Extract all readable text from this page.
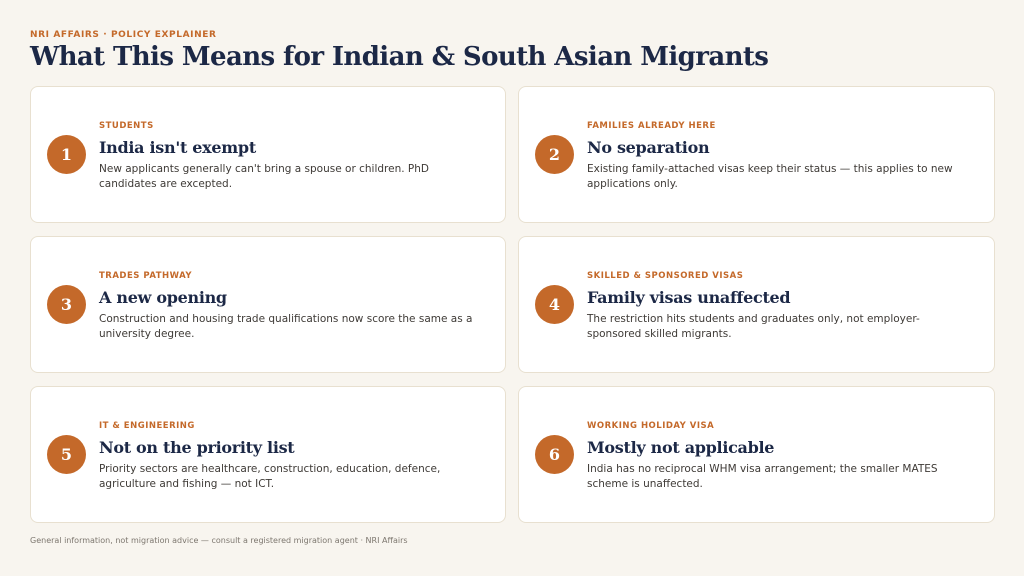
NRI AFFAIRS · POLICY EXPLAINER
What This Means for Indian & South Asian Migrants
1
STUDENTS
India isn't exempt

New applicants generally can't bring a spouse or children. PhD candidates are excepted.

2
FAMILIES ALREADY HERE
No separation

Existing family-attached visas keep their status — this applies to new applications only.

3
TRADES PATHWAY
A new opening

Construction and housing trade qualifications now score the same as a university degree.

4
SKILLED & SPONSORED VISAS
Family visas unaffected

The restriction hits students and graduates only, not employer-sponsored skilled migrants.

5
IT & ENGINEERING
Not on the priority list

Priority sectors are healthcare, construction, education, defence, agriculture and fishing — not ICT.

6
WORKING HOLIDAY VISA
Mostly not applicable

India has no reciprocal WHM visa arrangement; the smaller MATES scheme is unaffected.

General information, not migration advice — consult a registered migration agent · NRI Affairs
